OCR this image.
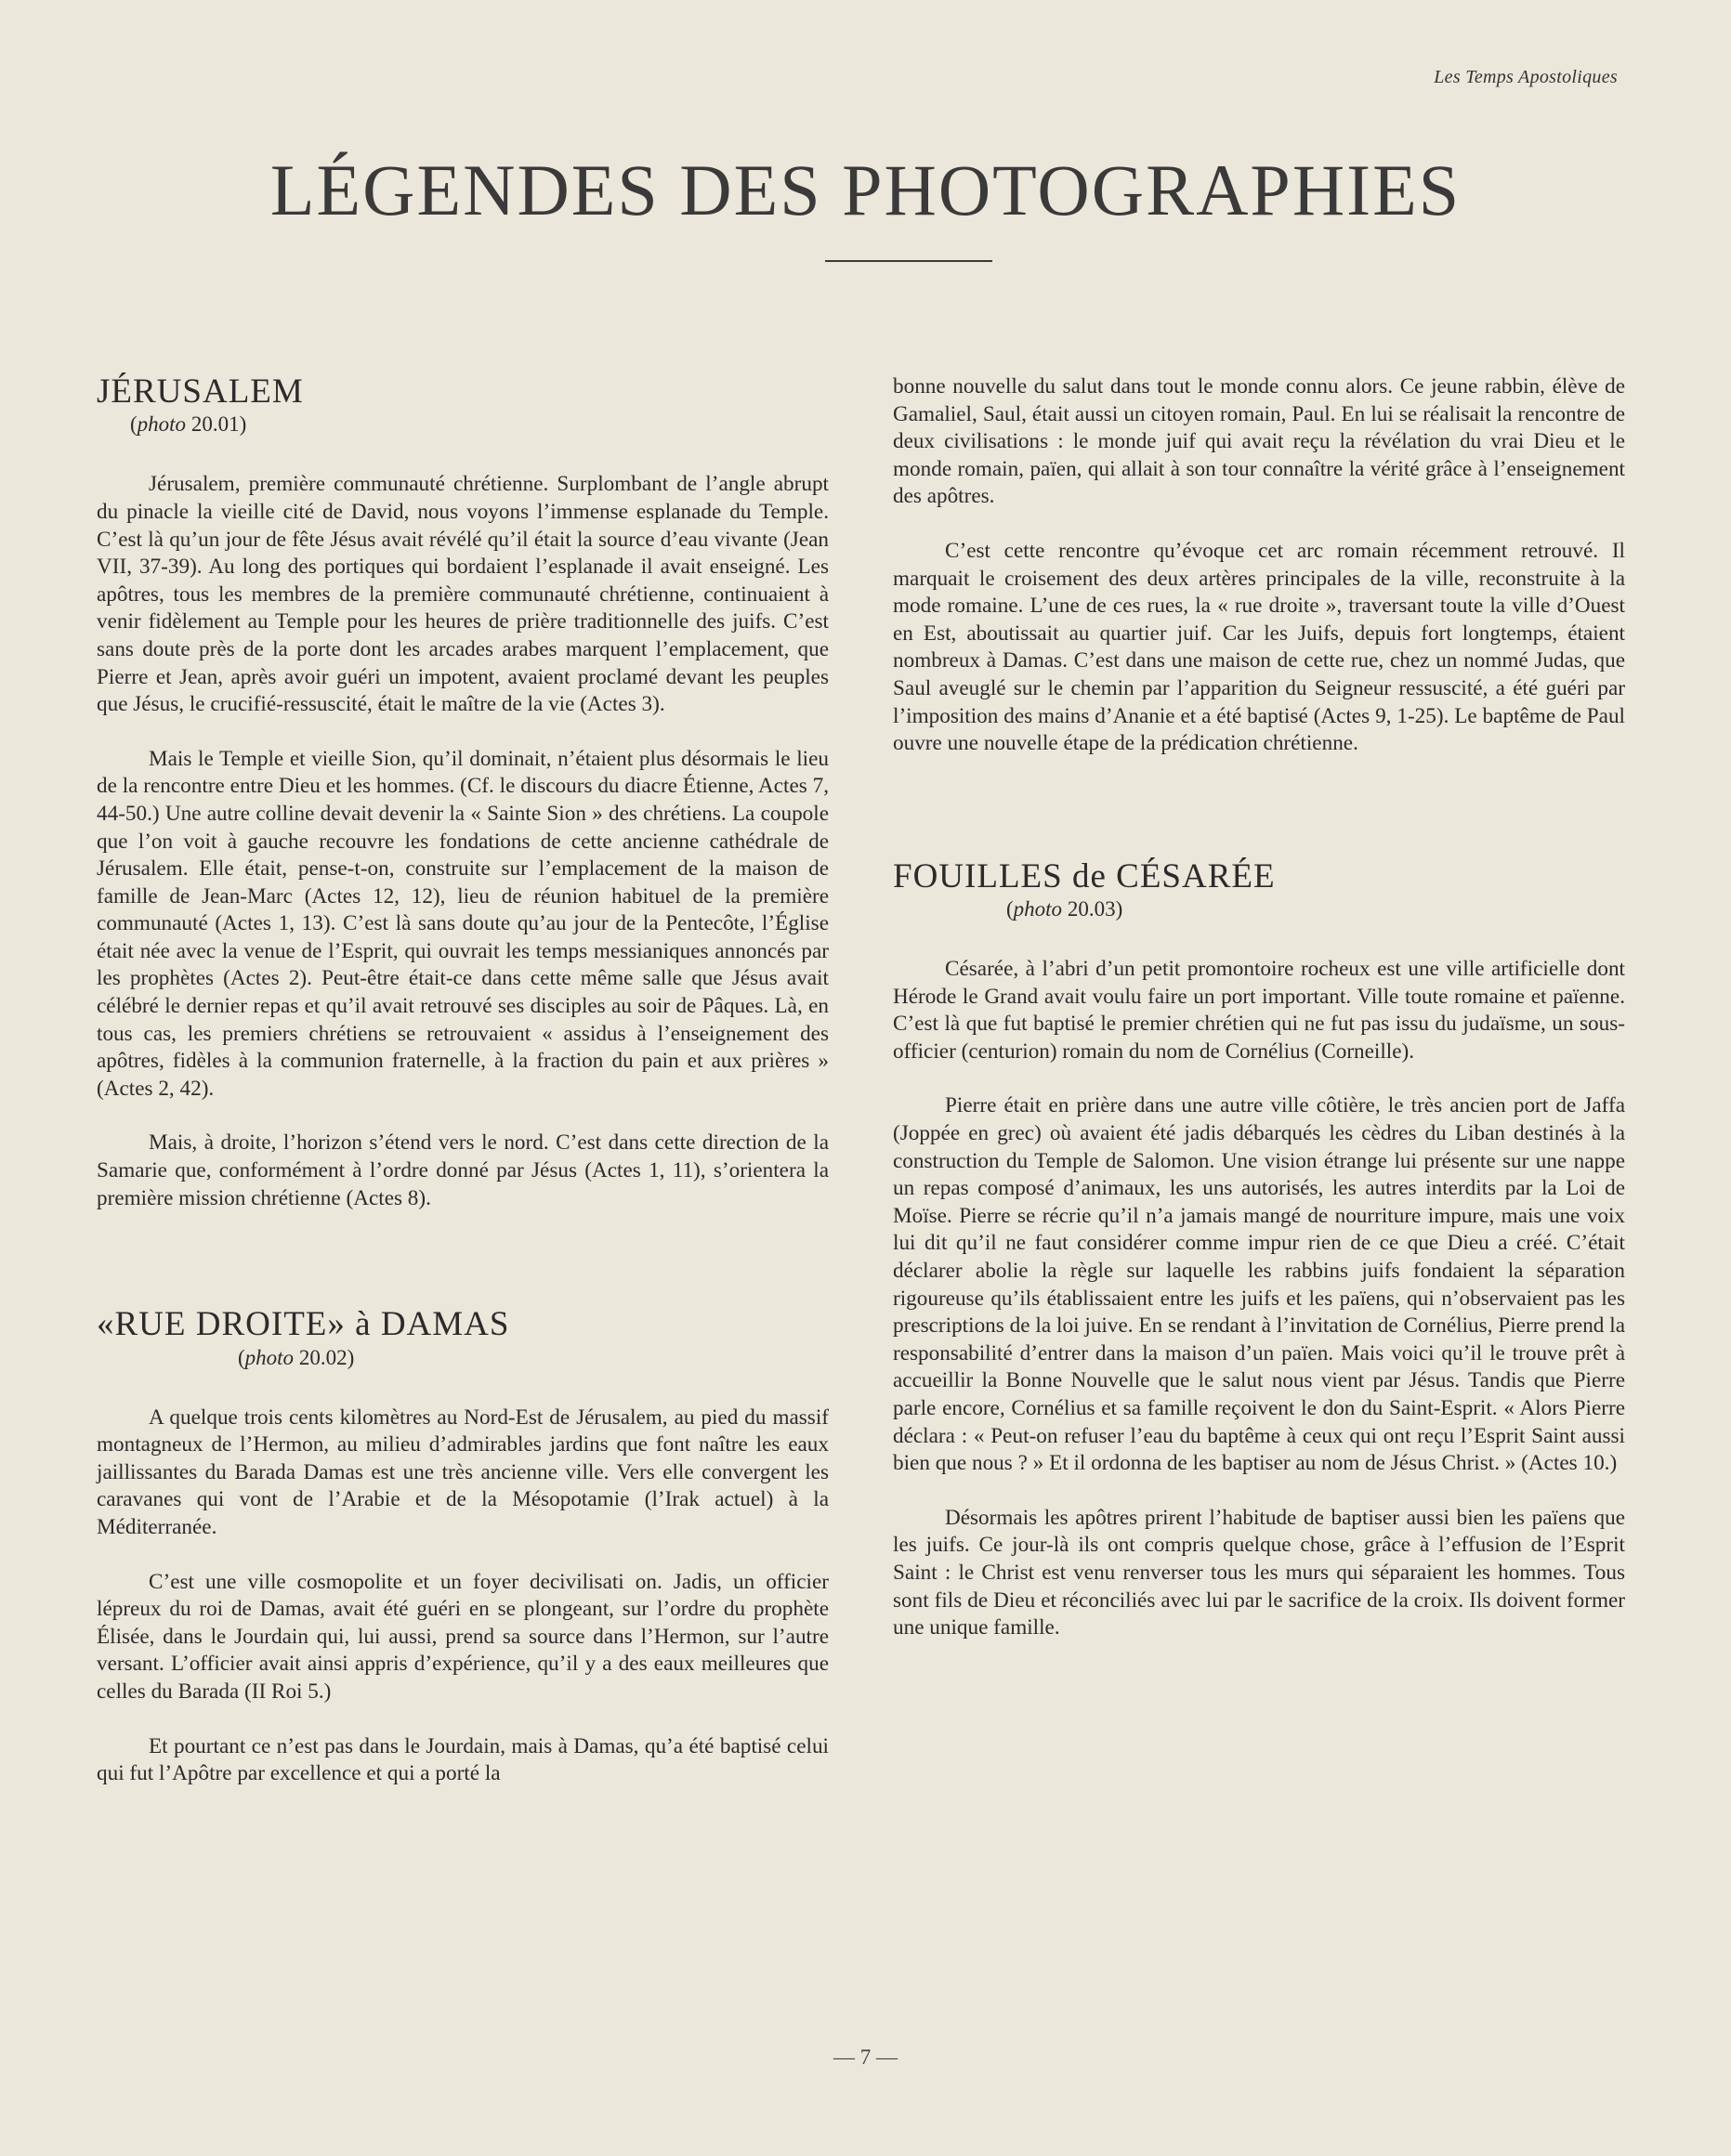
Les Temps Apostoliques
LÉGENDES DES PHOTOGRAPHIES
JÉRUSALEM
(photo 20.01)

Jérusalem, première communauté chrétienne. Surplombant de l’angle abrupt du pinacle la vieille cité de David, nous voyons l’immense esplanade du Temple. C’est là qu’un jour de fête Jésus avait révélé qu’il était la source d’eau vivante (Jean VII, 37-39). Au long des portiques qui bordaient l’esplanade il avait enseigné. Les apôtres, tous les membres de la première communauté chrétienne, continuaient à venir fidèlement au Temple pour les heures de prière traditionnelle des juifs. C’est sans doute près de la porte dont les arcades arabes marquent l’emplacement, que Pierre et Jean, après avoir guéri un impotent, avaient proclamé devant les peuples que Jésus, le crucifié-ressuscité, était le maître de la vie (Actes 3).

Mais le Temple et vieille Sion, qu’il dominait, n’étaient plus désormais le lieu de la rencontre entre Dieu et les hommes. (Cf. le discours du diacre Étienne, Actes 7, 44-50.) Une autre colline devait devenir la « Sainte Sion » des chrétiens. La coupole que l’on voit à gauche recouvre les fondations de cette ancienne cathédrale de Jérusalem. Elle était, pense-t-on, construite sur l’emplacement de la maison de famille de Jean-Marc (Actes 12, 12), lieu de réunion habituel de la première communauté (Actes 1, 13). C’est là sans doute qu’au jour de la Pentecôte, l’Église était née avec la venue de l’Esprit, qui ouvrait les temps messianiques annoncés par les prophètes (Actes 2). Peut-être était-ce dans cette même salle que Jésus avait célébré le dernier repas et qu’il avait retrouvé ses disciples au soir de Pâques. Là, en tous cas, les premiers chrétiens se retrouvaient « assidus à l’enseignement des apôtres, fidèles à la communion fraternelle, à la fraction du pain et aux prières » (Actes 2, 42).

Mais, à droite, l’horizon s’étend vers le nord. C’est dans cette direction de la Samarie que, conformément à l’ordre donné par Jésus (Actes 1, 11), s’orientera la première mission chrétienne (Actes 8).

«RUE DROITE» à DAMAS
(photo 20.02)

A quelque trois cents kilomètres au Nord-Est de Jérusalem, au pied du massif montagneux de l’Hermon, au milieu d’admirables jardins que font naître les eaux jaillissantes du Barada Damas est une très ancienne ville. Vers elle convergent les caravanes qui vont de l’Arabie et de la Mésopotamie (l’Irak actuel) à la Méditerranée.

C’est une ville cosmopolite et un foyer decivilisati on. Jadis, un officier lépreux du roi de Damas, avait été guéri en se plongeant, sur l’ordre du prophète Élisée, dans le Jourdain qui, lui aussi, prend sa source dans l’Hermon, sur l’autre versant. L’officier avait ainsi appris d’expérience, qu’il y a des eaux meilleures que celles du Barada (II Roi 5.)

Et pourtant ce n’est pas dans le Jourdain, mais à Damas, qu’a été baptisé celui qui fut l’Apôtre par excellence et qui a porté la

bonne nouvelle du salut dans tout le monde connu alors. Ce jeune rabbin, élève de Gamaliel, Saul, était aussi un citoyen romain, Paul. En lui se réalisait la rencontre de deux civilisations : le monde juif qui avait reçu la révélation du vrai Dieu et le monde romain, païen, qui allait à son tour connaître la vérité grâce à l’enseignement des apôtres.

C’est cette rencontre qu’évoque cet arc romain récemment retrouvé. Il marquait le croisement des deux artères principales de la ville, reconstruite à la mode romaine. L’une de ces rues, la « rue droite », traversant toute la ville d’Ouest en Est, aboutissait au quartier juif. Car les Juifs, depuis fort longtemps, étaient nombreux à Damas. C’est dans une maison de cette rue, chez un nommé Judas, que Saul aveuglé sur le chemin par l’apparition du Seigneur ressuscité, a été guéri par l’imposition des mains d’Ananie et a été baptisé (Actes 9, 1-25). Le baptême de Paul ouvre une nouvelle étape de la prédication chrétienne.

FOUILLES de CÉSARÉE
(photo 20.03)

Césarée, à l’abri d’un petit promontoire rocheux est une ville artificielle dont Hérode le Grand avait voulu faire un port important. Ville toute romaine et païenne. C’est là que fut baptisé le premier chrétien qui ne fut pas issu du judaïsme, un sous-officier (centurion) romain du nom de Cornélius (Corneille).

Pierre était en prière dans une autre ville côtière, le très ancien port de Jaffa (Joppée en grec) où avaient été jadis débarqués les cèdres du Liban destinés à la construction du Temple de Salomon. Une vision étrange lui présente sur une nappe un repas composé d’animaux, les uns autorisés, les autres interdits par la Loi de Moïse. Pierre se récrie qu’il n’a jamais mangé de nourriture impure, mais une voix lui dit qu’il ne faut considérer comme impur rien de ce que Dieu a créé. C’était déclarer abolie la règle sur laquelle les rabbins juifs fondaient la séparation rigoureuse qu’ils établissaient entre les juifs et les païens, qui n’observaient pas les prescriptions de la loi juive. En se rendant à l’invitation de Cornélius, Pierre prend la responsabilité d’entrer dans la maison d’un païen. Mais voici qu’il le trouve prêt à accueillir la Bonne Nouvelle que le salut nous vient par Jésus. Tandis que Pierre parle encore, Cornélius et sa famille reçoivent le don du Saint-Esprit. « Alors Pierre déclara : « Peut-on refuser l’eau du baptême à ceux qui ont reçu l’Esprit Saint aussi bien que nous ? » Et il ordonna de les baptiser au nom de Jésus Christ. » (Actes 10.)

Désormais les apôtres prirent l’habitude de baptiser aussi bien les païens que les juifs. Ce jour-là ils ont compris quelque chose, grâce à l’effusion de l’Esprit Saint : le Christ est venu renverser tous les murs qui séparaient les hommes. Tous sont fils de Dieu et réconciliés avec lui par le sacrifice de la croix. Ils doivent former une unique famille.

— 7 —
